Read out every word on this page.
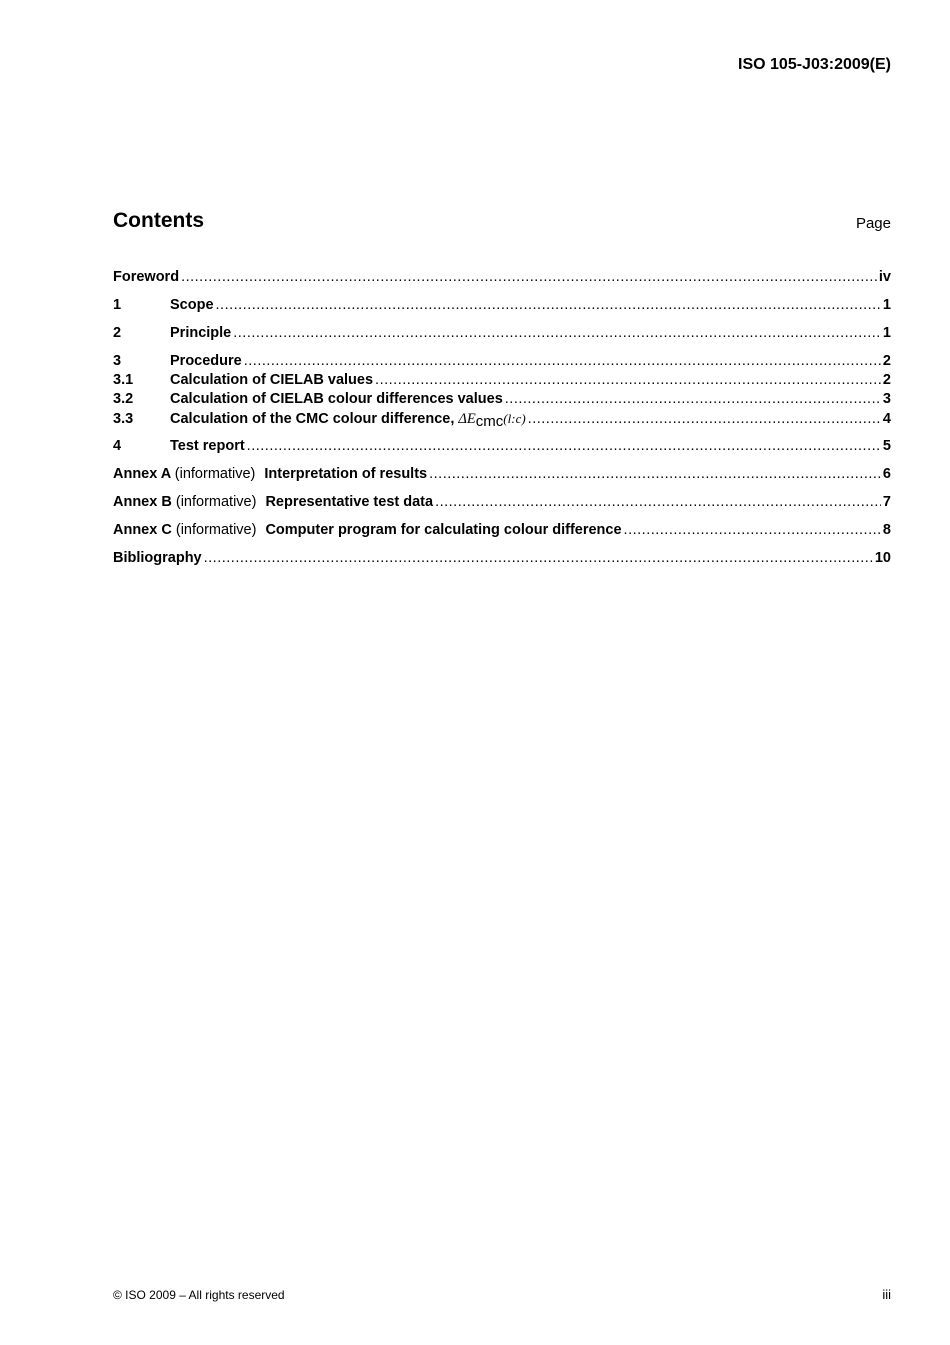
ISO 105-J03:2009(E)
Contents	Page
Foreword .....	iv
1	Scope .....	1
2	Principle .....	1
3	Procedure .....	2
3.1	Calculation of CIELAB values .....	2
3.2	Calculation of CIELAB colour differences values .....	3
3.3	Calculation of the CMC colour difference, ΔEcmc(l:c) .....	4
4	Test report .....	5
Annex A (informative) Interpretation of results .....	6
Annex B (informative) Representative test data .....	7
Annex C (informative) Computer program for calculating colour difference .....	8
Bibliography .....	10
© ISO 2009 – All rights reserved	iii
